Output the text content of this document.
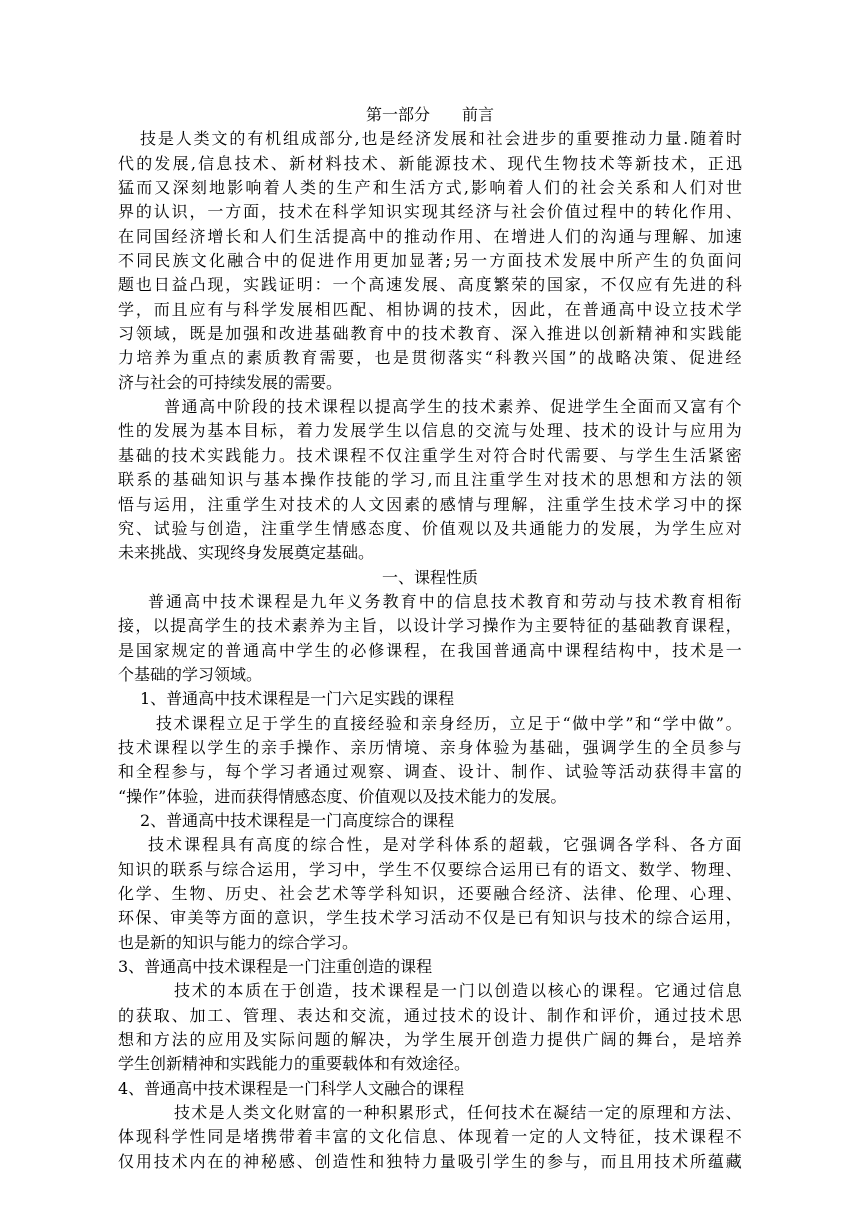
第一部分　　前言
技 是 人 类 文 的 有 机 组 成 部 分 , 也 是 经 济 发 展 和 社 会 进 步 的 重 要 推 动 力 量 . 随 着 时
代 的 发 展 , 信 息 技 术 、 新 材 料 技 术 、 新 能 源 技 术 、 现 代 生 物 技 术 等 新 技 术 ， 正 迅
猛 而 又 深 刻 地 影 响 着 人 类 的 生 产 和 生 活 方 式 , 影 响 着 人 们 的 社 会 关 系 和 人 们 对 世
界 的 认 识 ， 一 方 面 ， 技 术 在 科 学 知 识 实 现 其 经 济 与 社 会 价 值 过 程 中 的 转 化 作 用 、
在 同 国 经 济 增 长 和 人 们 生 活 提 高 中 的 推 动 作 用 、 在 增 进 人 们 的 沟 通 与 理 解 、 加 速
不 同 民 族 文 化 融 合 中 的 促 进 作 用 更 加 显 著 ; 另 一 方 面 技 术 发 展 中 所 产 生 的 负 面 问
题 也 日 益 凸 现 ， 实 践 证 明 ： 一 个 高 速 发 展 、 高 度 繁 荣 的 国 家 ， 不 仅 应 有 先 进 的 科
学 ， 而 且 应 有 与 科 学 发 展 相 匹 配 、 相 协 调 的 技 术 ， 因 此 ， 在 普 通 高 中 设 立 技 术 学
习 领 域 ， 既 是 加 强 和 改 进 基 础 教 育 中 的 技 术 教 育 、 深 入 推 进 以 创 新 精 神 和 实 践 能
力 培 养 为 重 点 的 素 质 教 育 需 要 ， 也 是 贯 彻 落 实 “ 科 教 兴 国 ” 的 战 略 决 策 、 促 进 经
济与社会的可持续发展的需要。
普 通 高 中 阶 段 的 技 术 课 程 以 提 高 学 生 的 技 术 素 养 、 促 进 学 生 全 面 而 又 富 有 个
性 的 发 展 为 基 本 目 标 ， 着 力 发 展 学 生 以 信 息 的 交 流 与 处 理 、 技 术 的 设 计 与 应 用 为
基 础 的 技 术 实 践 能 力 。 技 术 课 程 不 仅 注 重 学 生 对 符 合 时 代 需 要 、 与 学 生 生 活 紧 密
联 系 的 基 础 知 识 与 基 本 操 作 技 能 的 学 习 , 而 且 注 重 学 生 对 技 术 的 思 想 和 方 法 的 领
悟 与 运 用 ， 注 重 学 生 对 技 术 的 人 文 因 素 的 感 情 与 理 解 ， 注 重 学 生 技 术 学 习 中 的 探
究 、 试 验 与 创 造 ， 注 重 学 生 情 感 态 度 、 价 值 观 以 及 共 通 能 力 的 发 展 ， 为 学 生 应 对
未来挑战、实现终身发展奠定基础。
一、课程性质
普 通 高 中 技 术 课 程 是 九 年 义 务 教 育 中 的 信 息 技 术 教 育 和 劳 动 与 技 术 教 育 相 衔
接 ， 以 提 高 学 生 的 技 术 素 养 为 主 旨 ， 以 设 计 学 习 操 作 为 主 要 特 征 的 基 础 教 育 课 程 ，
是 国 家 规 定 的 普 通 高 中 学 生 的 必 修 课 程 ， 在 我 国 普 通 高 中 课 程 结 构 中 ， 技 术 是 一
个基础的学习领域。
1、普通高中技术课程是一门六足实践的课程
技 术 课 程 立 足 于 学 生 的 直 接 经 验 和 亲 身 经 历 ， 立 足 于 “ 做 中 学 ” 和 “ 学 中 做 ” 。
技 术 课 程 以 学 生 的 亲 手 操 作 、 亲 历 情 境 、 亲 身 体 验 为 基 础 ， 强 调 学 生 的 全 员 参 与
和 全 程 参 与 ， 每 个 学 习 者 通 过 观 察 、 调 查 、 设 计 、 制 作 、 试 验 等 活 动 获 得 丰 富 的
“操作”体验，进而获得情感态度、价值观以及技术能力的发展。
2、普通高中技术课程是一门高度综合的课程
技 术 课 程 具 有 高 度 的 综 合 性 ， 是 对 学 科 体 系 的 超 载 ， 它 强 调 各 学 科 、 各 方 面
知 识 的 联 系 与 综 合 运 用 ， 学 习 中 ， 学 生 不 仅 要 综 合 运 用 已 有 的 语 文 、 数 学 、 物 理 、
化 学 、 生 物 、 历 史 、 社 会 艺 术 等 学 科 知 识 ， 还 要 融 合 经 济 、 法 律 、 伦 理 、 心 理 、
环 保 、 审 美 等 方 面 的 意 识 ， 学 生 技 术 学 习 活 动 不 仅 是 已 有 知 识 与 技 术 的 综 合 运 用 ，
也是新的知识与能力的综合学习。
3、普通高中技术课程是一门注重创造的课程
技 术 的 本 质 在 于 创 造 ， 技 术 课 程 是 一 门 以 创 造 以 核 心 的 课 程 。 它 通 过 信 息
的 获 取 、 加 工 、 管 理 、 表 达 和 交 流 ， 通 过 技 术 的 设 计 、 制 作 和 评 价 ， 通 过 技 术 思
想 和 方 法 的 应 用 及 实 际 问 题 的 解 决 ， 为 学 生 展 开 创 造 力 提 供 广 阔 的 舞 台 ， 是 培 养
学生创新精神和实践能力的重要载体和有效途径。
4、普通高中技术课程是一门科学人文融合的课程
技 术 是 人 类 文 化 财 富 的 一 种 积 累 形 式 ， 任 何 技 术 在 凝 结 一 定 的 原 理 和 方 法 、
体 现 科 学 性 同 是 堵 携 带 着 丰 富 的 文 化 信 息 、 体 现 着 一 定 的 人 文 特 征 ， 技 术 课 程 不
仅 用 技 术 内 在 的 神 秘 感 、 创 造 性 和 独 特 力 量 吸 引 学 生 的 参 与 ， 而 且 用 技 术 所 蕴 藏
